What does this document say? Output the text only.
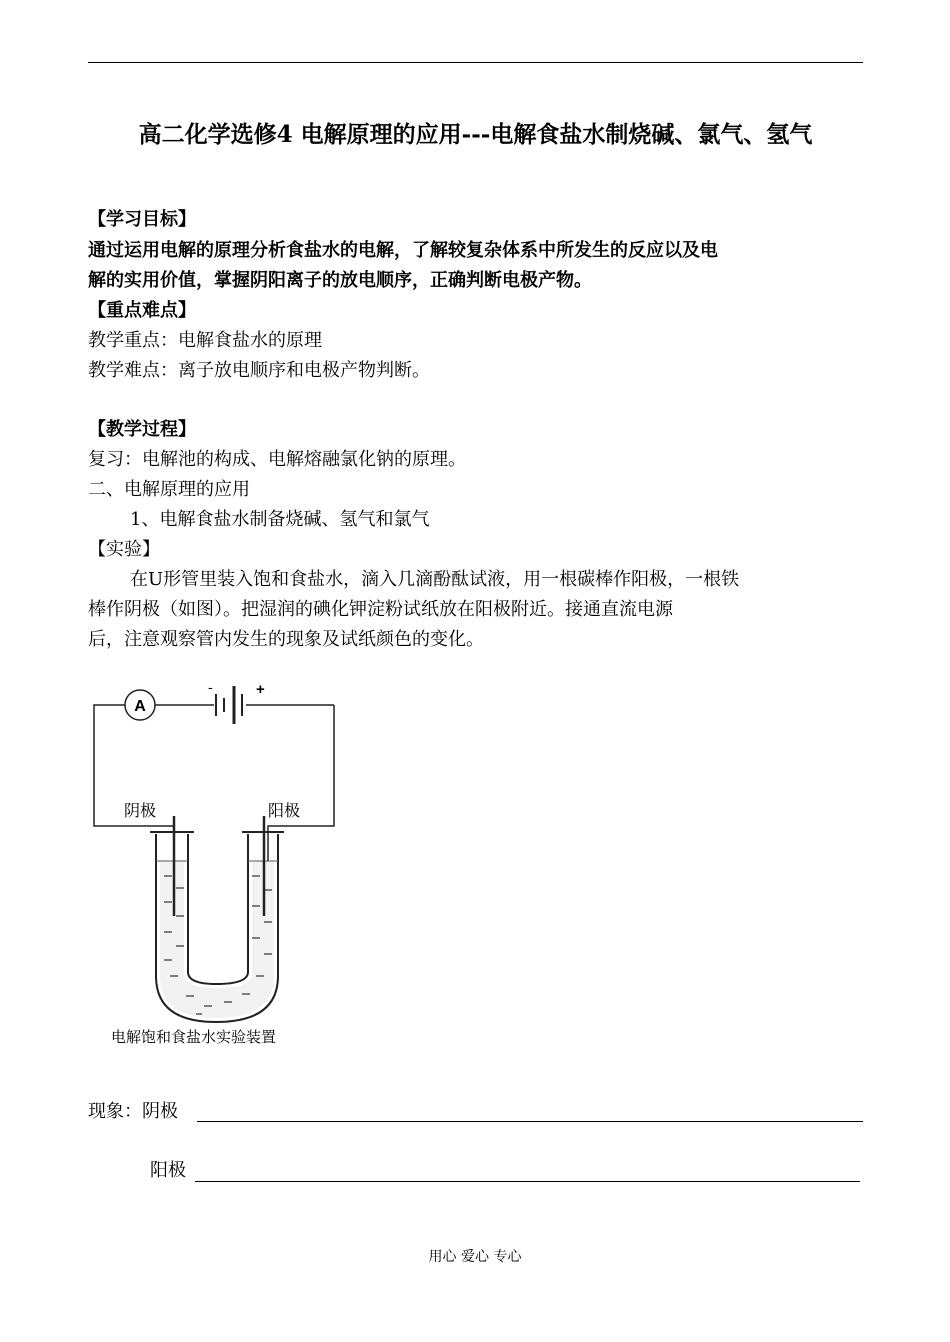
高二化学选修4 电解原理的应用---电解食盐水制烧碱、氯气、氢气
【学习目标】
通过运用电解的原理分析食盐水的电解，了解较复杂体系中所发生的反应以及电
解的实用价值，掌握阴阳离子的放电顺序，正确判断电极产物。
【重点难点】
教学重点：电解食盐水的原理
教学难点：离子放电顺序和电极产物判断。
【教学过程】
复习：电解池的构成、电解熔融氯化钠的原理。
二、电解原理的应用
1、电解食盐水制备烧碱、氢气和氯气
【实验】
在U形管里装入饱和食盐水，滴入几滴酚酞试液，用一根碳棒作阳极，一根铁
棒作阴极（如图）。把湿润的碘化钾淀粉试纸放在阳极附近。接通直流电源
后，注意观察管内发生的现象及试纸颜色的变化。
A
-	+
阴极	阳极
电解饱和食盐水实验装置
现象：阴极
阳极
用心 爱心 专心
